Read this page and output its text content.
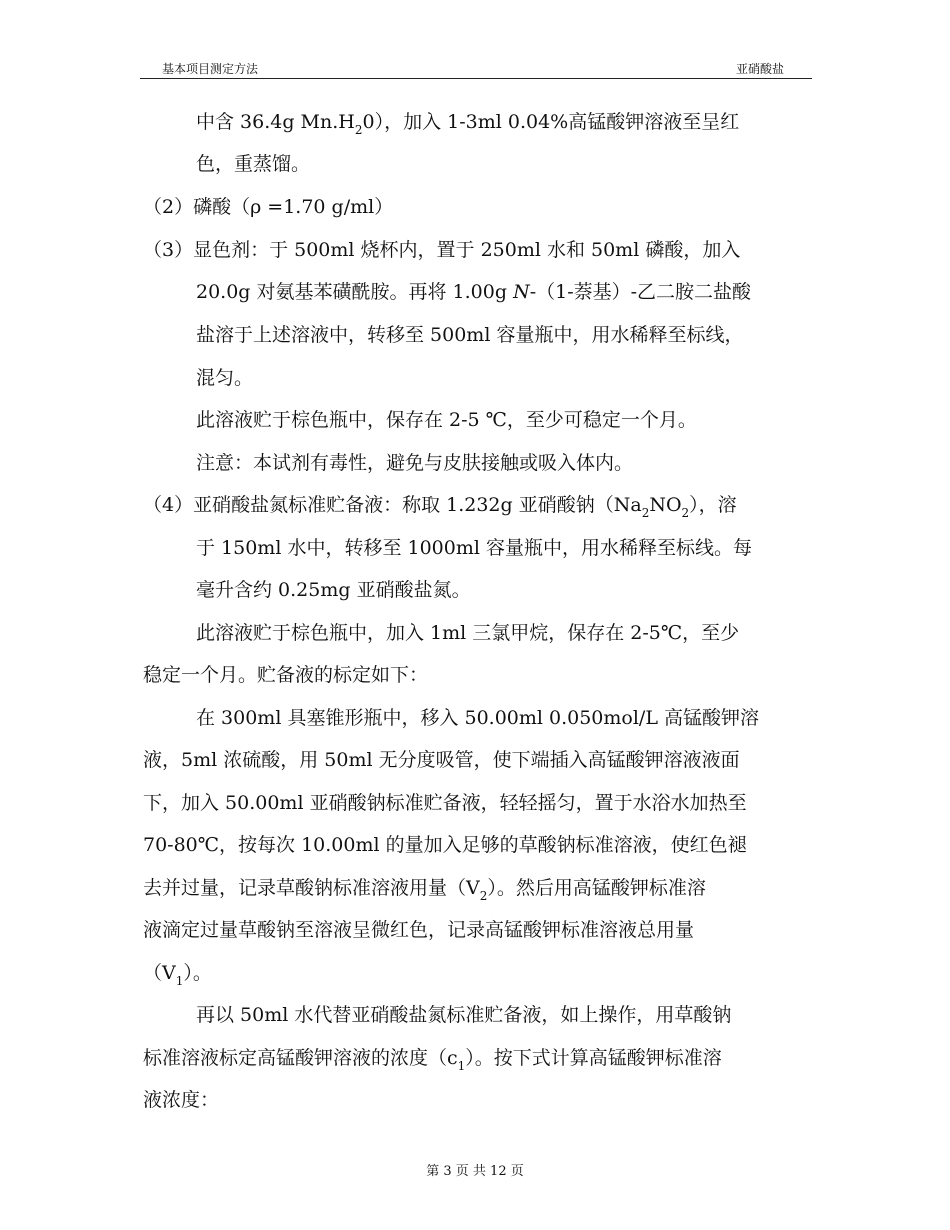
基本项目测定方法	亚硝酸盐
中含 36.4g $Mn.H_20$），加入 1-3ml 0.04%高锰酸钾溶液至呈红
色，重蒸馏。
（2）磷酸（ρ =1.70 g/ml）
（3）显色剂：于 500ml 烧杯内，置于 250ml 水和 50ml 磷酸，加入
20.0g 对氨基苯磺酰胺。再将 1.00g N-（1-萘基）-乙二胺二盐酸
盐溶于上述溶液中，转移至 500ml 容量瓶中，用水稀释至标线，
混匀。
此溶液贮于棕色瓶中，保存在 2-5 ℃，至少可稳定一个月。
注意：本试剂有毒性，避免与皮肤接触或吸入体内。
（4）亚硝酸盐氮标准贮备液：称取 1.232g 亚硝酸钠$(Na_2NO_2)$，溶
于 150ml 水中，转移至 1000ml 容量瓶中，用水稀释至标线。每
毫升含约 0.25mg 亚硝酸盐氮。
此溶液贮于棕色瓶中，加入 1ml 三氯甲烷，保存在 2-5℃，至少
稳定一个月。贮备液的标定如下：
在 300ml 具塞锥形瓶中，移入 50.00ml 0.050mol/L 高锰酸钾溶
液，5ml 浓硫酸，用 50ml 无分度吸管，使下端插入高锰酸钾溶液液面
下，加入 50.00ml 亚硝酸钠标准贮备液，轻轻摇匀，置于水浴水加热至
70-80℃，按每次 10.00ml 的量加入足够的草酸钠标准溶液，使红色褪
去并过量，记录草酸钠标准溶液用量$(V_2)$。然后用高锰酸钾标准溶
液滴定过量草酸钠至溶液呈微红色，记录高锰酸钾标准溶液总用量
$(V_1)$。
再以 50ml 水代替亚硝酸盐氮标准贮备液，如上操作，用草酸钠
标准溶液标定高锰酸钾溶液的浓度$(c_1)$。按下式计算高锰酸钾标准溶
液浓度：
第 3 页 共 12 页
